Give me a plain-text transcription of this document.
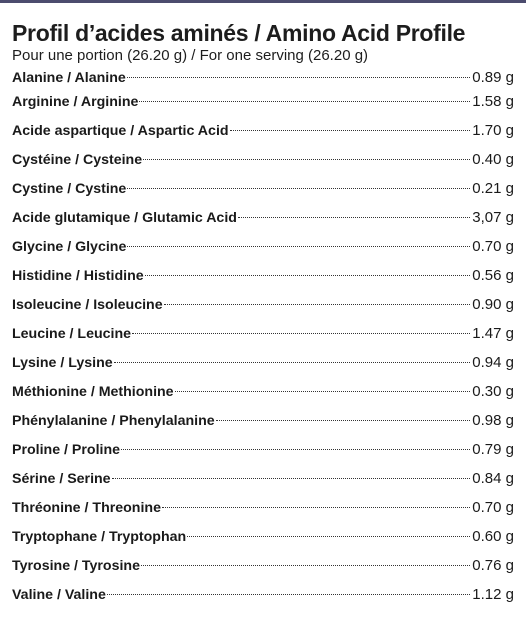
Profil d’acides aminés / Amino Acid Profile
Pour une portion (26.20 g) / For one serving (26.20 g)
Alanine / Alanine	0.89 g
Arginine / Arginine	1.58 g
Acide aspartique / Aspartic Acid	1.70 g
Cystéine / Cysteine	0.40 g
Cystine / Cystine	0.21 g
Acide glutamique / Glutamic Acid	3,07 g
Glycine / Glycine	0.70 g
Histidine / Histidine	0.56 g
Isoleucine / Isoleucine	0.90 g
Leucine / Leucine	1.47 g
Lysine / Lysine	0.94 g
Méthionine / Methionine	0.30 g
Phénylalanine / Phenylalanine	0.98 g
Proline / Proline	0.79 g
Sérine / Serine	0.84 g
Thréonine / Threonine	0.70 g
Tryptophane / Tryptophan	0.60 g
Tyrosine / Tyrosine	0.76 g
Valine / Valine	1.12 g
